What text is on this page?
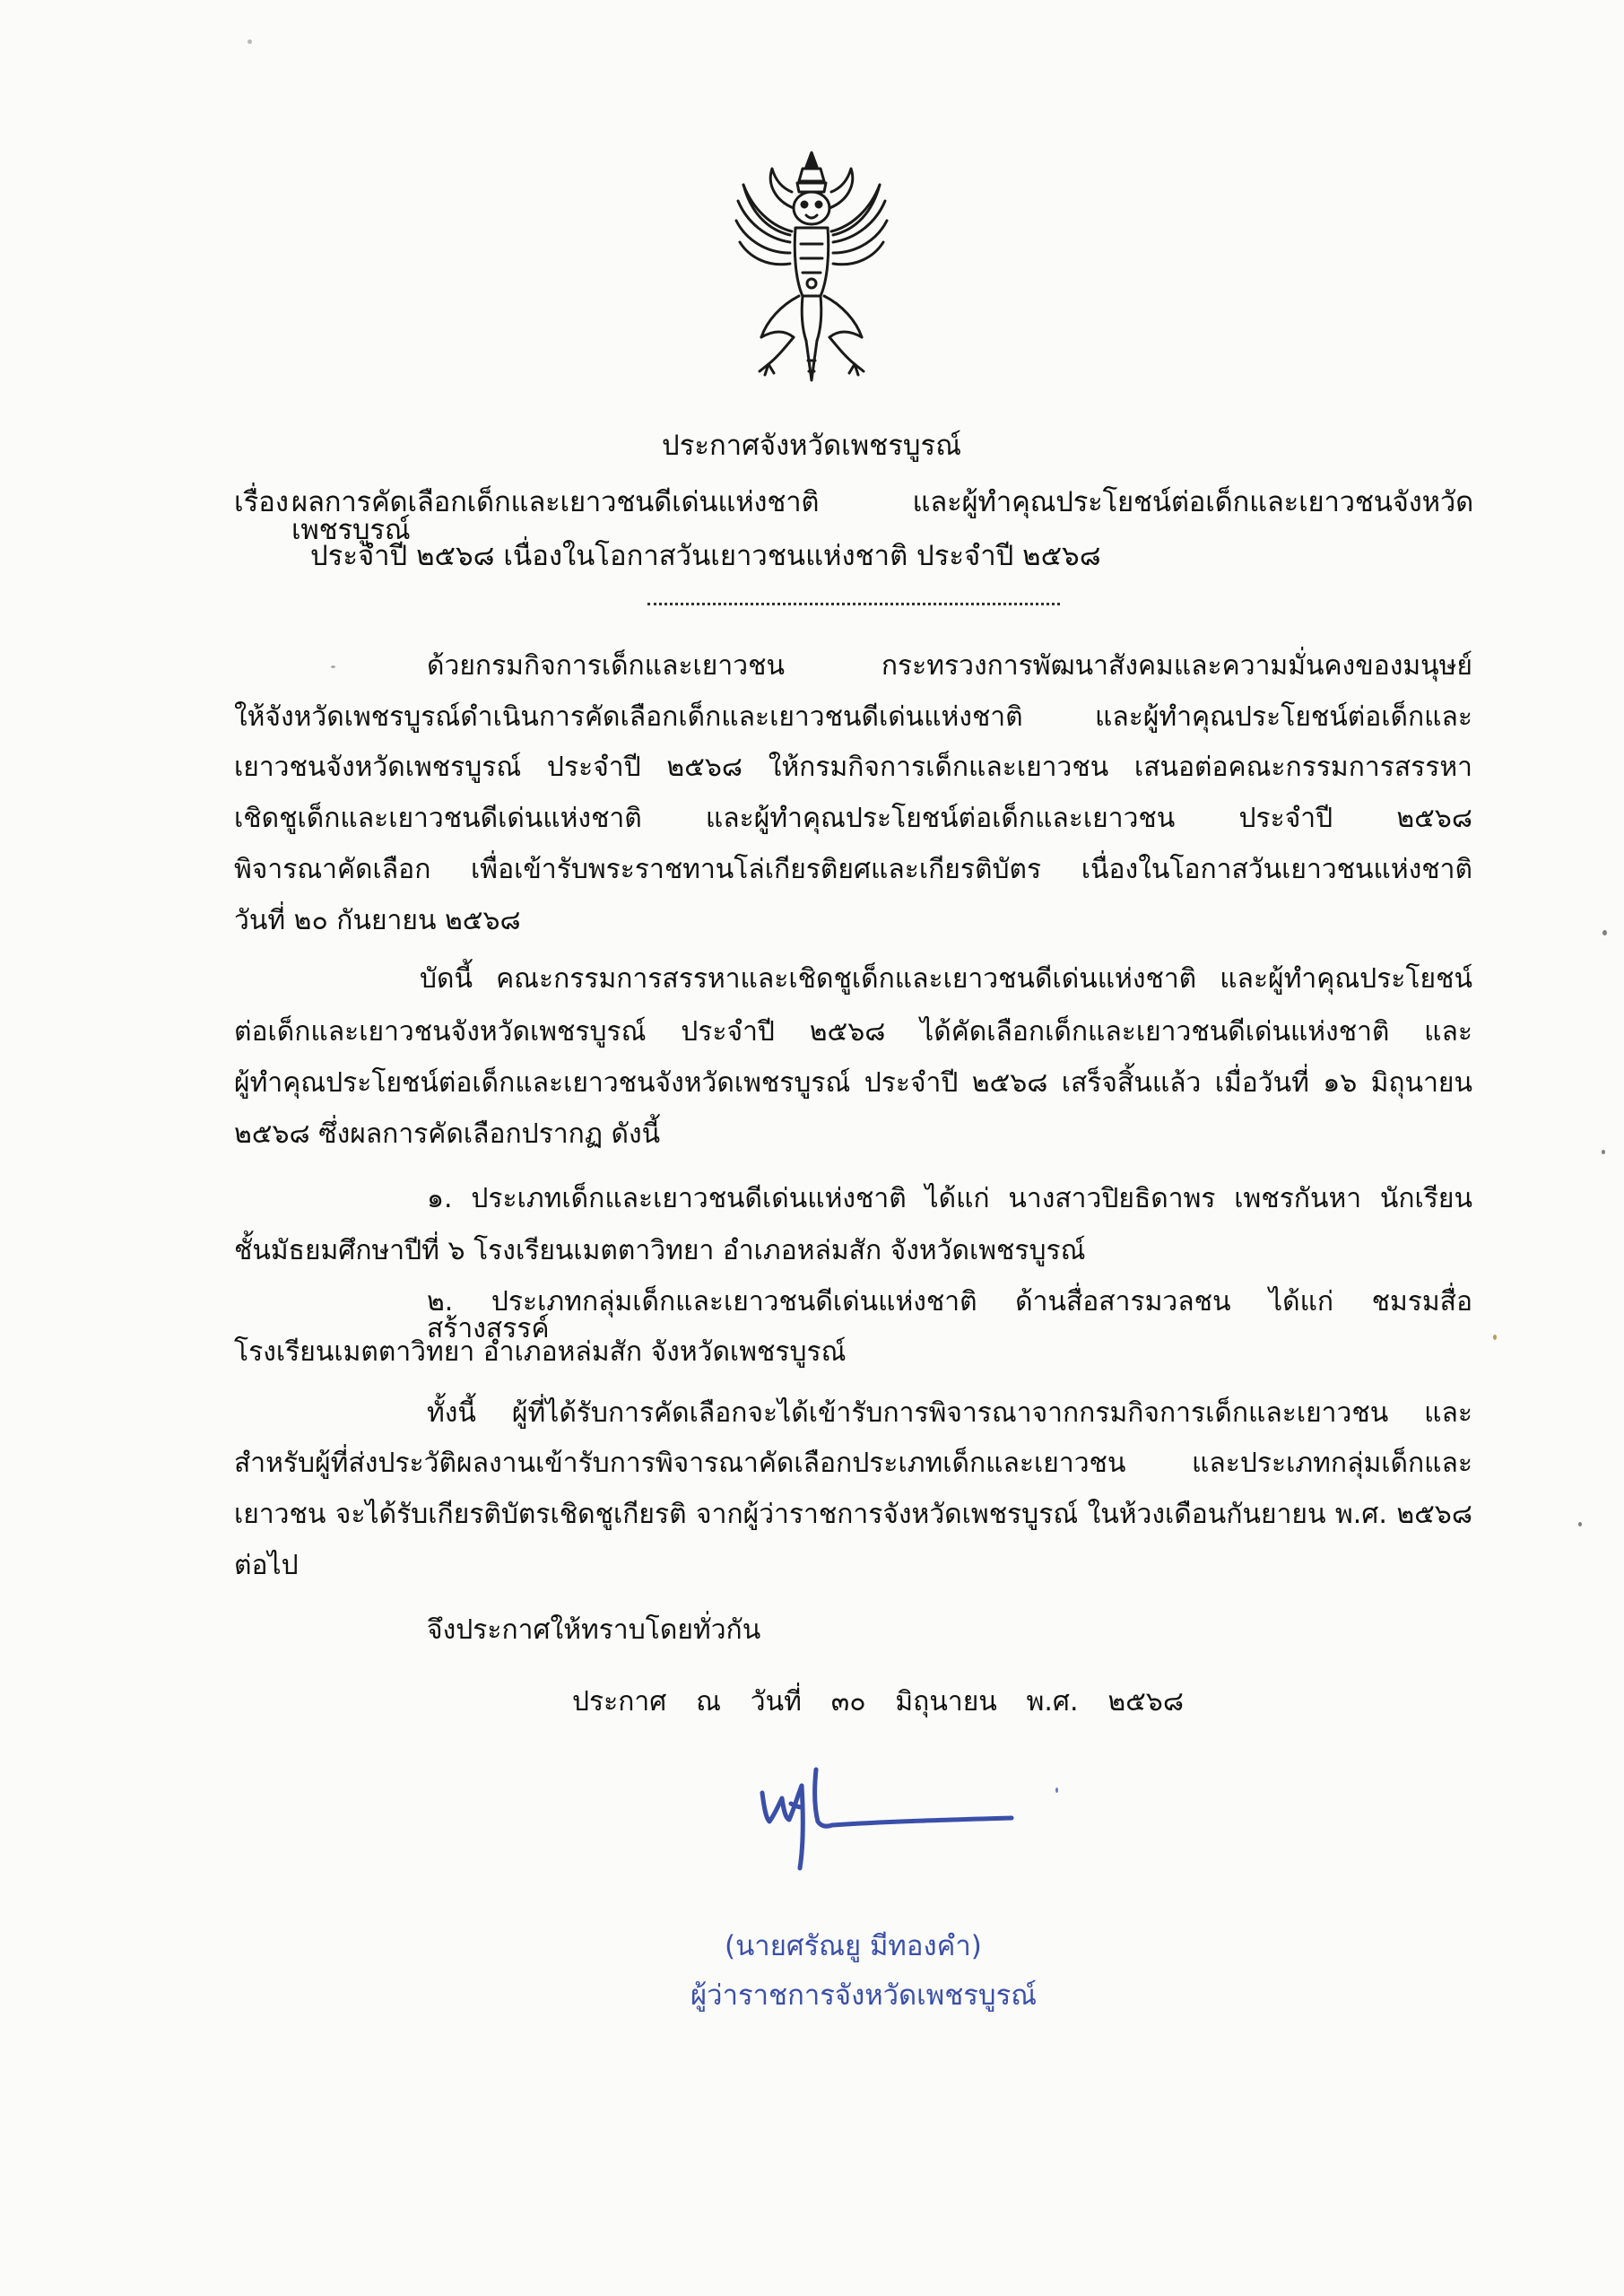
ประกาศจังหวัดเพชรบูรณ์

เรื่อง ผลการคัดเลือกเด็กและเยาวชนดีเด่นแห่งชาติ และผู้ทำคุณประโยชน์ต่อเด็กและเยาวชนจังหวัดเพชรบูรณ์

ประจำปี ๒๕๖๘ เนื่องในโอกาสวันเยาวชนแห่งชาติ ประจำปี ๒๕๖๘

ด้วยกรมกิจการเด็กและเยาวชน กระทรวงการพัฒนาสังคมและความมั่นคงของมนุษย์

ให้จังหวัดเพชรบูรณ์ดำเนินการคัดเลือกเด็กและเยาวชนดีเด่นแห่งชาติ และผู้ทำคุณประโยชน์ต่อเด็กและ

เยาวชนจังหวัดเพชรบูรณ์ ประจำปี ๒๕๖๘ ให้กรมกิจการเด็กและเยาวชน เสนอต่อคณะกรรมการสรรหา

เชิดชูเด็กและเยาวชนดีเด่นแห่งชาติ และผู้ทำคุณประโยชน์ต่อเด็กและเยาวชน ประจำปี ๒๕๖๘

พิจารณาคัดเลือก เพื่อเข้ารับพระราชทานโล่เกียรติยศและเกียรติบัตร เนื่องในโอกาสวันเยาวชนแห่งชาติ

วันที่ ๒๐ กันยายน ๒๕๖๘

บัดนี้ คณะกรรมการสรรหาและเชิดชูเด็กและเยาวชนดีเด่นแห่งชาติ และผู้ทำคุณประโยชน์

ต่อเด็กและเยาวชนจังหวัดเพชรบูรณ์ ประจำปี ๒๕๖๘ ได้คัดเลือกเด็กและเยาวชนดีเด่นแห่งชาติ และ

ผู้ทำคุณประโยชน์ต่อเด็กและเยาวชนจังหวัดเพชรบูรณ์ ประจำปี ๒๕๖๘ เสร็จสิ้นแล้ว เมื่อวันที่ ๑๖ มิถุนายน

๒๕๖๘ ซึ่งผลการคัดเลือกปรากฏ ดังนี้

๑. ประเภทเด็กและเยาวชนดีเด่นแห่งชาติ ได้แก่ นางสาวปิยธิดาพร เพชรกันหา นักเรียน

ชั้นมัธยมศึกษาปีที่ ๖ โรงเรียนเมตตาวิทยา อำเภอหล่มสัก จังหวัดเพชรบูรณ์

๒. ประเภทกลุ่มเด็กและเยาวชนดีเด่นแห่งชาติ ด้านสื่อสารมวลชน ได้แก่ ชมรมสื่อสร้างสรรค์

โรงเรียนเมตตาวิทยา อำเภอหล่มสัก จังหวัดเพชรบูรณ์

ทั้งนี้ ผู้ที่ได้รับการคัดเลือกจะได้เข้ารับการพิจารณาจากกรมกิจการเด็กและเยาวชน และ

สำหรับผู้ที่ส่งประวัติผลงานเข้ารับการพิจารณาคัดเลือกประเภทเด็กและเยาวชน และประเภทกลุ่มเด็กและ

เยาวชน จะได้รับเกียรติบัตรเชิดชูเกียรติ จากผู้ว่าราชการจังหวัดเพชรบูรณ์ ในห้วงเดือนกันยายน พ.ศ. ๒๕๖๘

ต่อไป

จึงประกาศให้ทราบโดยทั่วกัน

ประกาศ ณ วันที่ ๓๐ มิถุนายน พ.ศ. ๒๕๖๘

(นายศรัณยู มีทองคำ)

ผู้ว่าราชการจังหวัดเพชรบูรณ์
